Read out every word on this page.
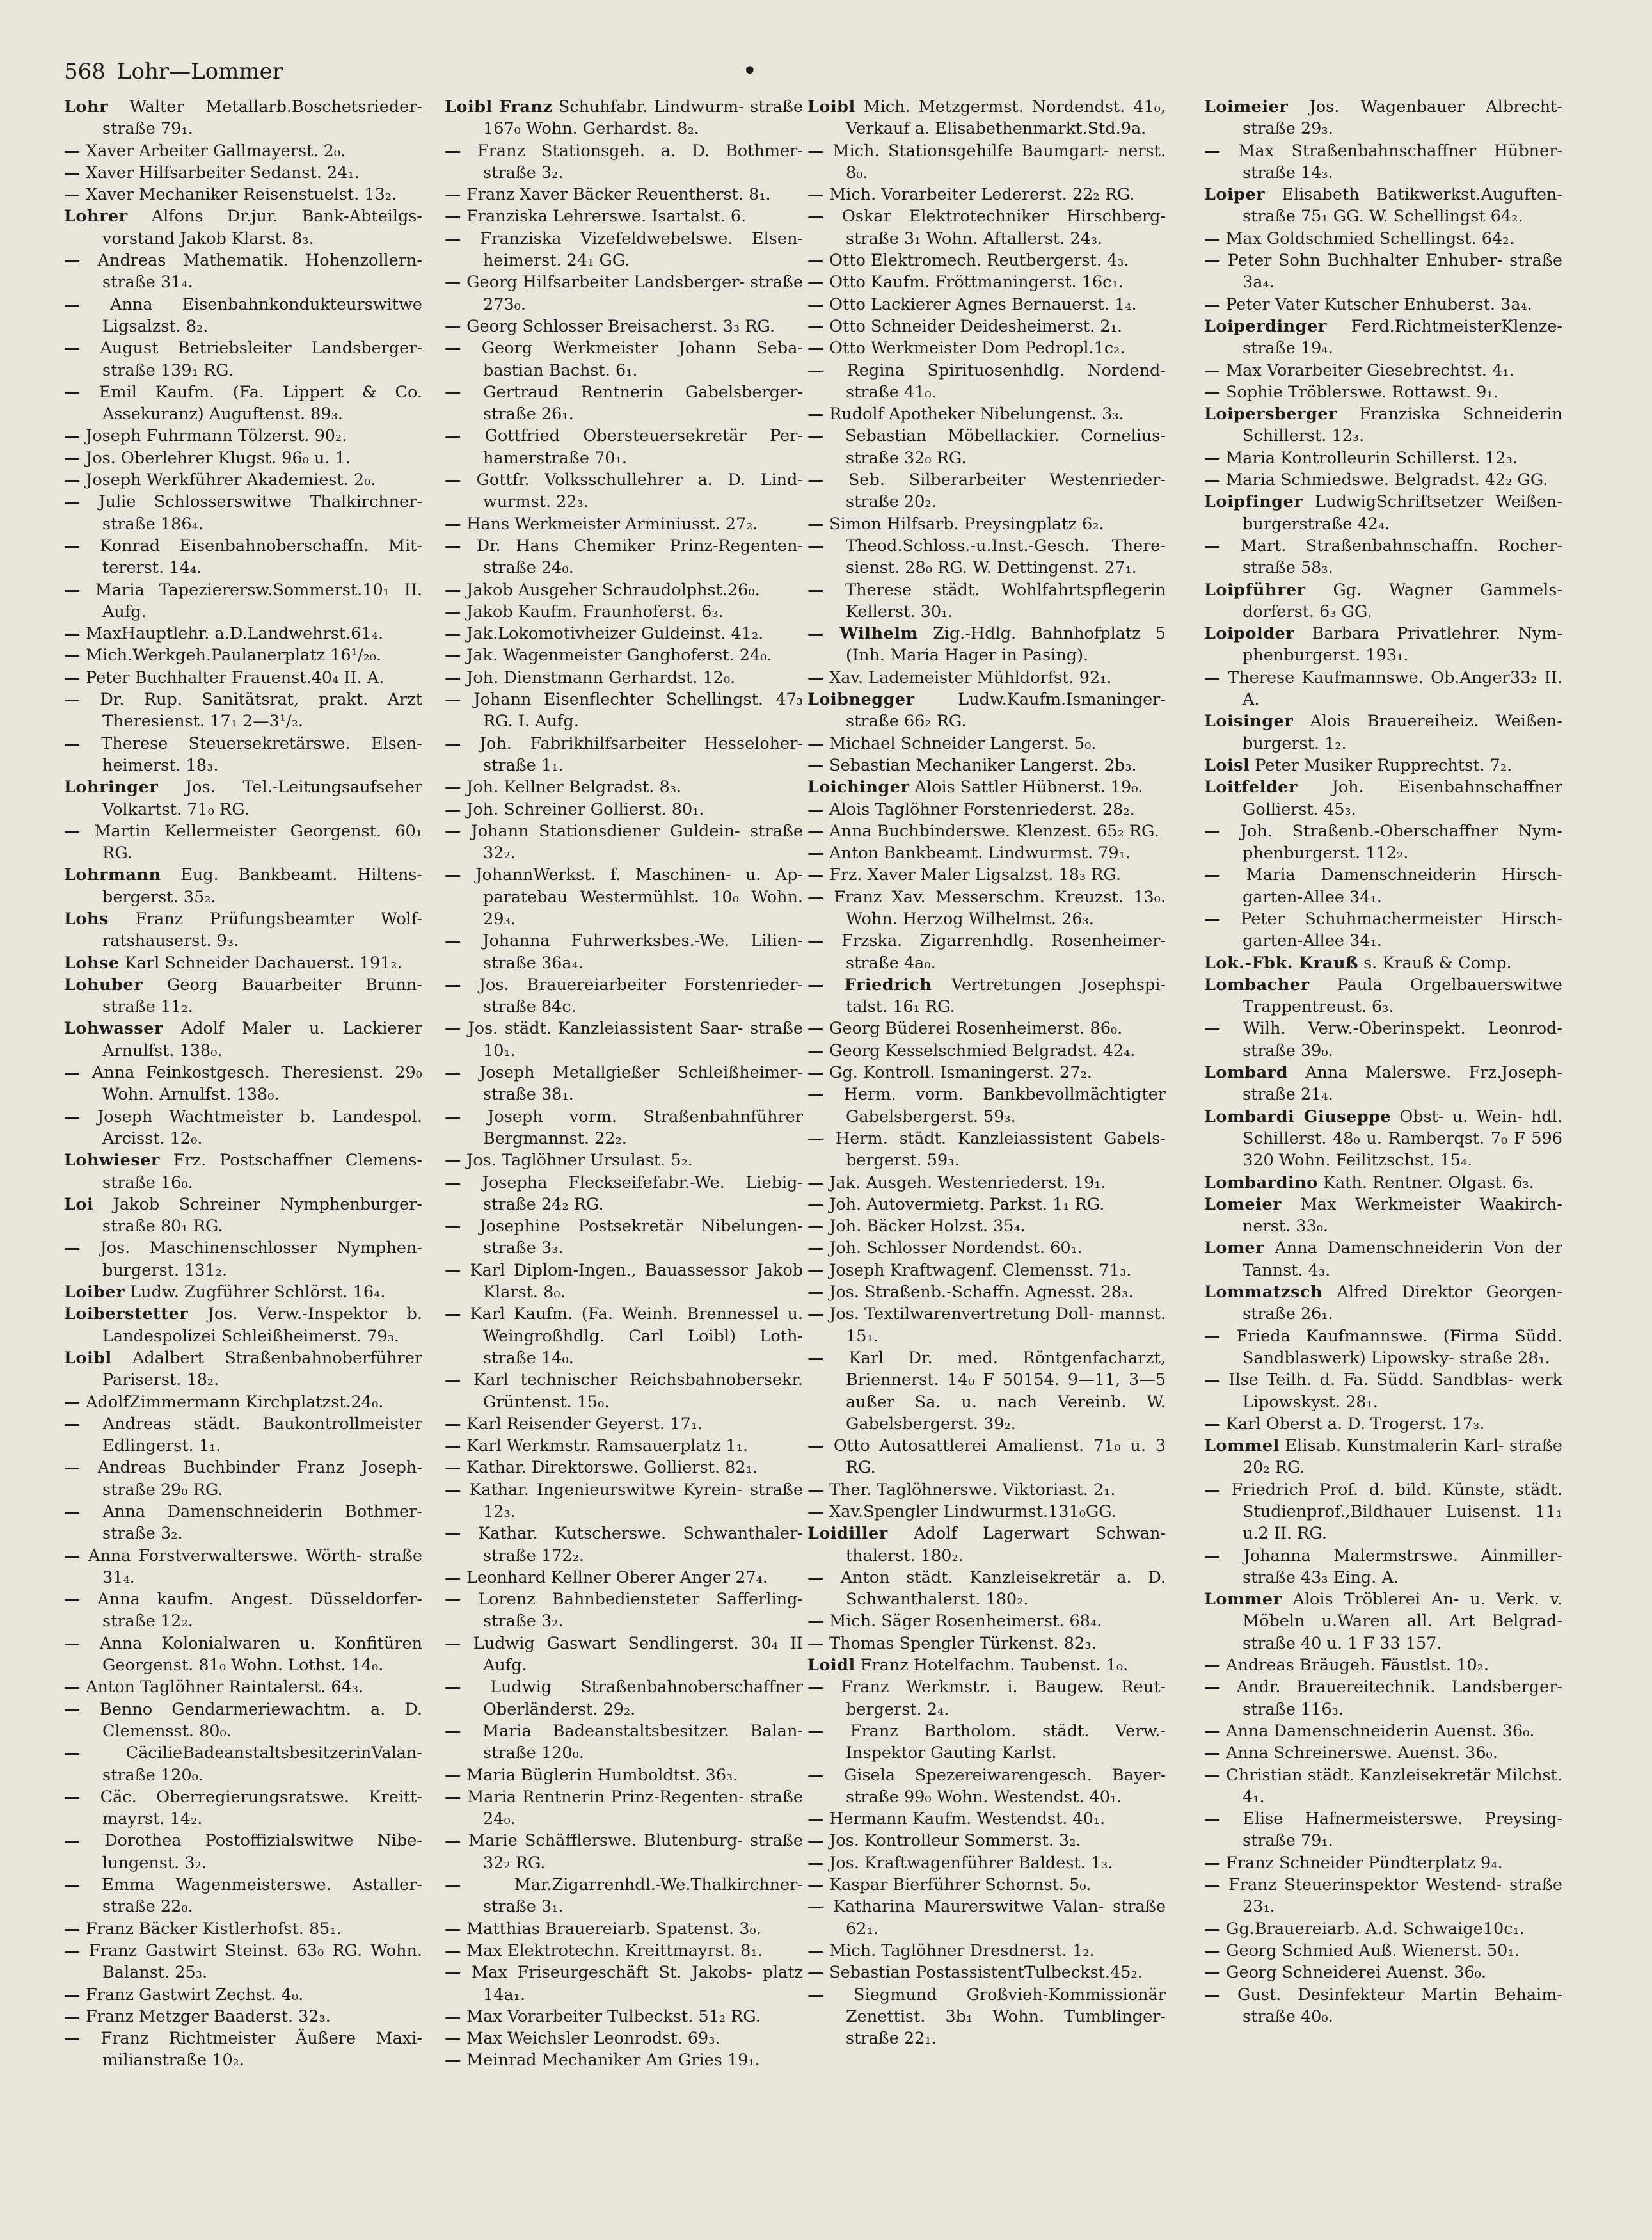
568 Lohr—Lommer	•
Lohr Walter Metallarb.Boschetsrieder- straße 79₁.
— Xaver Arbeiter Gallmayerst. 2₀.
— Xaver Hilfsarbeiter Sedanst. 24₁.
— Xaver Mechaniker Reisenstuelst. 13₂.
Lohrer Alfons Dr.jur. Bank-Abteilgs- vorstand Jakob Klarst. 8₃.
— Andreas Mathematik. Hohenzollern- straße 31₄.
— Anna Eisenbahnkondukteurswitwe Ligsalzst. 8₂.
— August Betriebsleiter Landsberger- straße 139₁ RG.
— Emil Kaufm. (Fa. Lippert & Co. Assekuranz) Auguftenst. 89₃.
— Joseph Fuhrmann Tölzerst. 90₂.
— Jos. Oberlehrer Klugst. 96₀ u. 1.
— Joseph Werkführer Akademiest. 2₀.
— Julie Schlosserswitwe Thalkirchner- straße 186₄.
— Konrad Eisenbahnoberschaffn. Mit- tererst. 14₄.
— Maria Tapezierersw.Sommerst.10₁ II. Aufg.
— MaxHauptlehr. a.D.Landwehrst.61₄.
— Mich.Werkgeh.Paulanerplatz 16¹/₂₀.
— Peter Buchhalter Frauenst.40₄ II. A.
— Dr. Rup. Sanitätsrat, prakt. Arzt Theresienst. 17₁ 2—3¹/₂.
— Therese Steuersekretärswe. Elsen- heimerst. 18₃.
Lohringer Jos. Tel.-Leitungsaufseher Volkartst. 71₀ RG.
— Martin Kellermeister Georgenst. 60₁ RG.
Lohrmann Eug. Bankbeamt. Hiltens- bergerst. 35₂.
Lohs Franz Prüfungsbeamter Wolf- ratshauserst. 9₃.
Lohse Karl Schneider Dachauerst. 191₂.
Lohuber Georg Bauarbeiter Brunn- straße 11₂.
Lohwasser Adolf Maler u. Lackierer Arnulfst. 138₀.
— Anna Feinkostgesch. Theresienst. 29₀ Wohn. Arnulfst. 138₀.
— Joseph Wachtmeister b. Landespol. Arcisst. 12₀.
Lohwieser Frz. Postschaffner Clemens- straße 16₀.
Loi Jakob Schreiner Nymphenburger- straße 80₁ RG.
— Jos. Maschinenschlosser Nymphen- burgerst. 131₂.
Loiber Ludw. Zugführer Schlörst. 16₄.
Loiberstetter Jos. Verw.-Inspektor b. Landespolizei Schleißheimerst. 79₃.
Loibl Adalbert Straßenbahnoberführer Pariserst. 18₂.
— AdolfZimmermann Kirchplatzst.24₀.
— Andreas städt. Baukontrollmeister Edlingerst. 1₁.
— Andreas Buchbinder Franz Joseph- straße 29₀ RG.
— Anna Damenschneiderin Bothmer- straße 3₂.
— Anna Forstverwalterswe. Wörth- straße 31₄.
— Anna kaufm. Angest. Düsseldorfer- straße 12₂.
— Anna Kolonialwaren u. Konfitüren Georgenst. 81₀ Wohn. Lothst. 14₀.
— Anton Taglöhner Raintalerst. 64₃.
— Benno Gendarmeriewachtm. a. D. Clemensst. 80₀.
—	CäcilieBadeanstaltsbesitzerinValan- straße 120₀.
— Cäc. Oberregierungsratswe. Kreitt- mayrst. 14₂.
— Dorothea Postoffizialswitwe Nibe- lungenst. 3₂.
— Emma Wagenmeisterswe. Astaller- straße 22₀.
— Franz Bäcker Kistlerhofst. 85₁.
— Franz Gastwirt Steinst. 63₀ RG. Wohn. Balanst. 25₃.
— Franz Gastwirt Zechst. 4₀.
— Franz Metzger Baaderst. 32₃.
— Franz Richtmeister Äußere Maxi- milianstraße 10₂.
Loibl Franz Schuhfabr. Lindwurm- straße 167₀ Wohn. Gerhardst. 8₂.
— Franz Stationsgeh. a. D. Bothmer- straße 3₂.
— Franz Xaver Bäcker Reuentherst. 8₁.
— Franziska Lehrerswe. Isartalst. 6.
— Franziska Vizefeldwebelswe. Elsen- heimerst. 24₁ GG.
— Georg Hilfsarbeiter Landsberger- straße 273₀.
— Georg Schlosser Breisacherst. 3₃ RG.
— Georg Werkmeister Johann Seba- bastian Bachst. 6₁.
— Gertraud Rentnerin Gabelsberger- straße 26₁.
— Gottfried Obersteuersekretär Per- hamerstraße 70₁.
— Gottfr. Volksschullehrer a. D. Lind- wurmst. 22₃.
— Hans Werkmeister Arminiusst. 27₂.
— Dr. Hans Chemiker Prinz-Regenten- straße 24₀.
— Jakob Ausgeher Schraudolphst.26₀.
— Jakob Kaufm. Fraunhoferst. 6₃.
— Jak.Lokomotivheizer Guldeinst. 41₂.
— Jak. Wagenmeister Ganghoferst. 24₀.
— Joh. Dienstmann Gerhardst. 12₀.
— Johann Eisenflechter Schellingst. 47₃ RG. I. Aufg.
— Joh. Fabrikhilfsarbeiter Hesseloher- straße 1₁.
— Joh. Kellner Belgradst. 8₃.
— Joh. Schreiner Gollierst. 80₁.
— Johann Stationsdiener Guldein- straße 32₂.
— JohannWerkst. f. Maschinen- u. Ap- paratebau Westermühlst. 10₀ Wohn. 29₃.
— Johanna Fuhrwerksbes.-We. Lilien- straße 36a₄.
— Jos. Brauereiarbeiter Forstenrieder- straße 84c.
— Jos. städt. Kanzleiassistent Saar- straße 10₁.
— Joseph Metallgießer Schleißheimer- straße 38₁.
— Joseph vorm. Straßenbahnführer Bergmannst. 22₂.
— Jos. Taglöhner Ursulast. 5₂.
— Josepha Fleckseifefabr.-We. Liebig- straße 24₂ RG.
— Josephine Postsekretär Nibelungen- straße 3₃.
— Karl Diplom-Ingen., Bauassessor Jakob Klarst. 8₀.
— Karl Kaufm. (Fa. Weinh. Brennessel u. Weingroßhdlg. Carl Loibl) Loth- straße 14₀.
— Karl technischer Reichsbahnobersekr. Grüntenst. 15₀.
— Karl Reisender Geyerst. 17₁.
— Karl Werkmstr. Ramsauerplatz 1₁.
— Kathar. Direktorswe. Gollierst. 82₁.
— Kathar. Ingenieurswitwe Kyrein- straße 12₃.
— Kathar. Kutscherswe. Schwanthaler- straße 172₂.
— Leonhard Kellner Oberer Anger 27₄.
— Lorenz Bahnbediensteter Safferling- straße 3₂.
— Ludwig Gaswart Sendlingerst. 30₄ II Aufg.
— Ludwig Straßenbahnoberschaffner Oberländerst. 29₂.
— Maria Badeanstaltsbesitzer. Balan- straße 120₀.
— Maria Büglerin Humboldtst. 36₃.
— Maria Rentnerin Prinz-Regenten- straße 24₀.
— Marie Schäfflerswe. Blutenburg- straße 32₂ RG.
—	Mar.Zigarrenhdl.-We.Thalkirchner- straße 3₁.
— Matthias Brauereiarb. Spatenst. 3₀.
— Max Elektrotechn. Kreittmayrst. 8₁.
— Max Friseurgeschäft St. Jakobs- platz 14a₁.
— Max Vorarbeiter Tulbeckst. 51₂ RG.
— Max Weichsler Leonrodst. 69₃.
— Meinrad Mechaniker Am Gries 19₁.
Loibl Mich. Metzgermst. Nordendst. 41₀, Verkauf a. Elisabethenmarkt.Std.9a.
— Mich. Stationsgehilfe Baumgart- nerst. 8₀.
— Mich. Vorarbeiter Ledererst. 22₂ RG.
— Oskar Elektrotechniker Hirschberg- straße 3₁ Wohn. Aftallerst. 24₃.
— Otto Elektromech. Reutbergerst. 4₃.
— Otto Kaufm. Fröttmaningerst. 16c₁.
— Otto Lackierer Agnes Bernauerst. 1₄.
— Otto Schneider Deidesheimerst. 2₁.
— Otto Werkmeister Dom Pedropl.1c₂.
— Regina Spirituosenhdlg. Nordend- straße 41₀.
— Rudolf Apotheker Nibelungenst. 3₃.
— Sebastian Möbellackier. Cornelius- straße 32₀ RG.
— Seb. Silberarbeiter Westenrieder- straße 20₂.
— Simon Hilfsarb. Preysingplatz 6₂.
— Theod.Schloss.-u.Inst.-Gesch. There- sienst. 28₀ RG. W. Dettingenst. 27₁.
— Therese städt. Wohlfahrtspflegerin Kellerst. 30₁.
— Wilhelm Zig.-Hdlg. Bahnhofplatz 5 (Inh. Maria Hager in Pasing).
— Xav. Lademeister Mühldorfst. 92₁.
Loibnegger	Ludw.Kaufm.Ismaninger- straße 66₂ RG.
— Michael Schneider Langerst. 5₀.
— Sebastian Mechaniker Langerst. 2b₃.
Loichinger Alois Sattler Hübnerst. 19₀.
— Alois Taglöhner Forstenriederst. 28₂.
— Anna Buchbinderswe. Klenzest. 65₂ RG.
— Anton Bankbeamt. Lindwurmst. 79₁.
— Frz. Xaver Maler Ligsalzst. 18₃ RG.
— Franz Xav. Messerschm. Kreuzst. 13₀. Wohn. Herzog Wilhelmst. 26₃.
— Frzska. Zigarrenhdlg. Rosenheimer- straße 4a₀.
— Friedrich Vertretungen Josephspi- talst. 16₁ RG.
— Georg Büderei Rosenheimerst. 86₀.
— Georg Kesselschmied Belgradst. 42₄.
— Gg. Kontroll. Ismaningerst. 27₂.
— Herm. vorm. Bankbevollmächtigter Gabelsbergerst. 59₃.
— Herm. städt. Kanzleiassistent Gabels- bergerst. 59₃.
— Jak. Ausgeh. Westenriederst. 19₁.
— Joh. Autovermietg. Parkst. 1₁ RG.
— Joh. Bäcker Holzst. 35₄.
— Joh. Schlosser Nordendst. 60₁.
— Joseph Kraftwagenf. Clemensst. 71₃.
— Jos. Straßenb.-Schaffn. Agnesst. 28₃.
— Jos. Textilwarenvertretung Doll- mannst. 15₁.
— Karl Dr. med. Röntgenfacharzt, Briennerst. 14₀ F 50154. 9—11, 3—5 außer Sa. u. nach Vereinb. W. Gabelsbergerst. 39₂.
— Otto Autosattlerei Amalienst. 71₀ u. 3 RG.
— Ther. Taglöhnerswe. Viktoriast. 2₁.
— Xav.Spengler Lindwurmst.131₀GG.
Loidiller Adolf Lagerwart Schwan- thalerst. 180₂.
— Anton städt. Kanzleisekretär a. D. Schwanthalerst. 180₂.
— Mich. Säger Rosenheimerst. 68₄.
— Thomas Spengler Türkenst. 82₃.
Loidl Franz Hotelfachm. Taubenst. 1₀.
— Franz Werkmstr. i. Baugew. Reut- bergerst. 2₄.
— Franz Bartholom. städt. Verw.- Inspektor Gauting Karlst.
— Gisela Spezereiwarengesch. Bayer- straße 99₀ Wohn. Westendst. 40₁.
— Hermann Kaufm. Westendst. 40₁.
— Jos. Kontrolleur Sommerst. 3₂.
— Jos. Kraftwagenführer Baldest. 1₃.
— Kaspar Bierführer Schornst. 5₀.
— Katharina Maurerswitwe Valan- straße 62₁.
— Mich. Taglöhner Dresdnerst. 1₂.
— Sebastian PostassistentTulbeckst.45₂.
— Siegmund Großvieh-Kommissionär Zenettist. 3b₁ Wohn. Tumblinger- straße 22₁.
Loimeier Jos. Wagenbauer Albrecht- straße 29₃.
— Max Straßenbahnschaffner Hübner- straße 14₃.
Loiper Elisabeth Batikwerkst.Auguften- straße 75₁ GG. W. Schellingst 64₂.
— Max Goldschmied Schellingst. 64₂.
— Peter Sohn Buchhalter Enhuber- straße 3a₄.
— Peter Vater Kutscher Enhuberst. 3a₄.
Loiperdinger Ferd.RichtmeisterKlenze- straße 19₄.
— Max Vorarbeiter Giesebrechtst. 4₁.
— Sophie Tröblerswe. Rottawst. 9₁.
Loipersberger Franziska Schneiderin Schillerst. 12₃.
— Maria Kontrolleurin Schillerst. 12₃.
— Maria Schmiedswe. Belgradst. 42₂ GG.
Loipfinger LudwigSchriftsetzer Weißen- burgerstraße 42₄.
— Mart. Straßenbahnschaffn. Rocher- straße 58₃.
Loipführer Gg. Wagner Gammels- dorferst. 6₃ GG.
Loipolder Barbara Privatlehrer. Nym- phenburgerst. 193₁.
— Therese Kaufmannswe. Ob.Anger33₂ II. A.
Loisinger Alois Brauereiheiz. Weißen- burgerst. 1₂.
Loisl Peter Musiker Rupprechtst. 7₂.
Loitfelder Joh. Eisenbahnschaffner Gollierst. 45₃.
— Joh. Straßenb.-Oberschaffner Nym- phenburgerst. 112₂.
— Maria Damenschneiderin Hirsch- garten-Allee 34₁.
— Peter Schuhmachermeister Hirsch- garten-Allee 34₁.
Lok.-Fbk. Krauß s. Krauß & Comp.
Lombacher Paula Orgelbauerswitwe Trappentreust. 6₃.
— Wilh. Verw.-Oberinspekt. Leonrod- straße 39₀.
Lombard Anna Malerswe. Frz.Joseph- straße 21₄.
Lombardi Giuseppe Obst- u. Wein- hdl. Schillerst. 48₀ u. Ramberqst. 7₀ F 596 320 Wohn. Feilitzschst. 15₄.
Lombardino Kath. Rentner. Olgast. 6₃.
Lomeier Max Werkmeister Waakirch- nerst. 33₀.
Lomer Anna Damenschneiderin Von der Tannst. 4₃.
Lommatzsch Alfred Direktor Georgen- straße 26₁.
— Frieda Kaufmannswe. (Firma Südd. Sandblaswerk) Lipowsky- straße 28₁.
— Ilse Teilh. d. Fa. Südd. Sandblas- werk Lipowskyst. 28₁.
— Karl Oberst a. D. Trogerst. 17₃.
Lommel Elisab. Kunstmalerin Karl- straße 20₂ RG.
— Friedrich Prof. d. bild. Künste, städt. Studienprof.,Bildhauer Luisenst. 11₁ u.2 II. RG.
— Johanna Malermstrswe. Ainmiller- straße 43₃ Eing. A.
Lommer Alois Tröblerei An- u. Verk. v. Möbeln u.Waren all. Art Belgrad- straße 40 u. 1 F 33 157.
— Andreas Bräugeh. Fäustlst. 10₂.
— Andr. Brauereitechnik. Landsberger- straße 116₃.
— Anna Damenschneiderin Auenst. 36₀.
— Anna Schreinerswe. Auenst. 36₀.
— Christian städt. Kanzleisekretär Milchst. 4₁.
— Elise Hafnermeisterswe. Preysing- straße 79₁.
— Franz Schneider Pündterplatz 9₄.
— Franz Steuerinspektor Westend- straße 23₁.
— Gg.Brauereiarb. A.d. Schwaige10c₁.
— Georg Schmied Auß. Wienerst. 50₁.
— Georg Schneiderei Auenst. 36₀.
— Gust. Desinfekteur Martin Behaim- straße 40₀.
